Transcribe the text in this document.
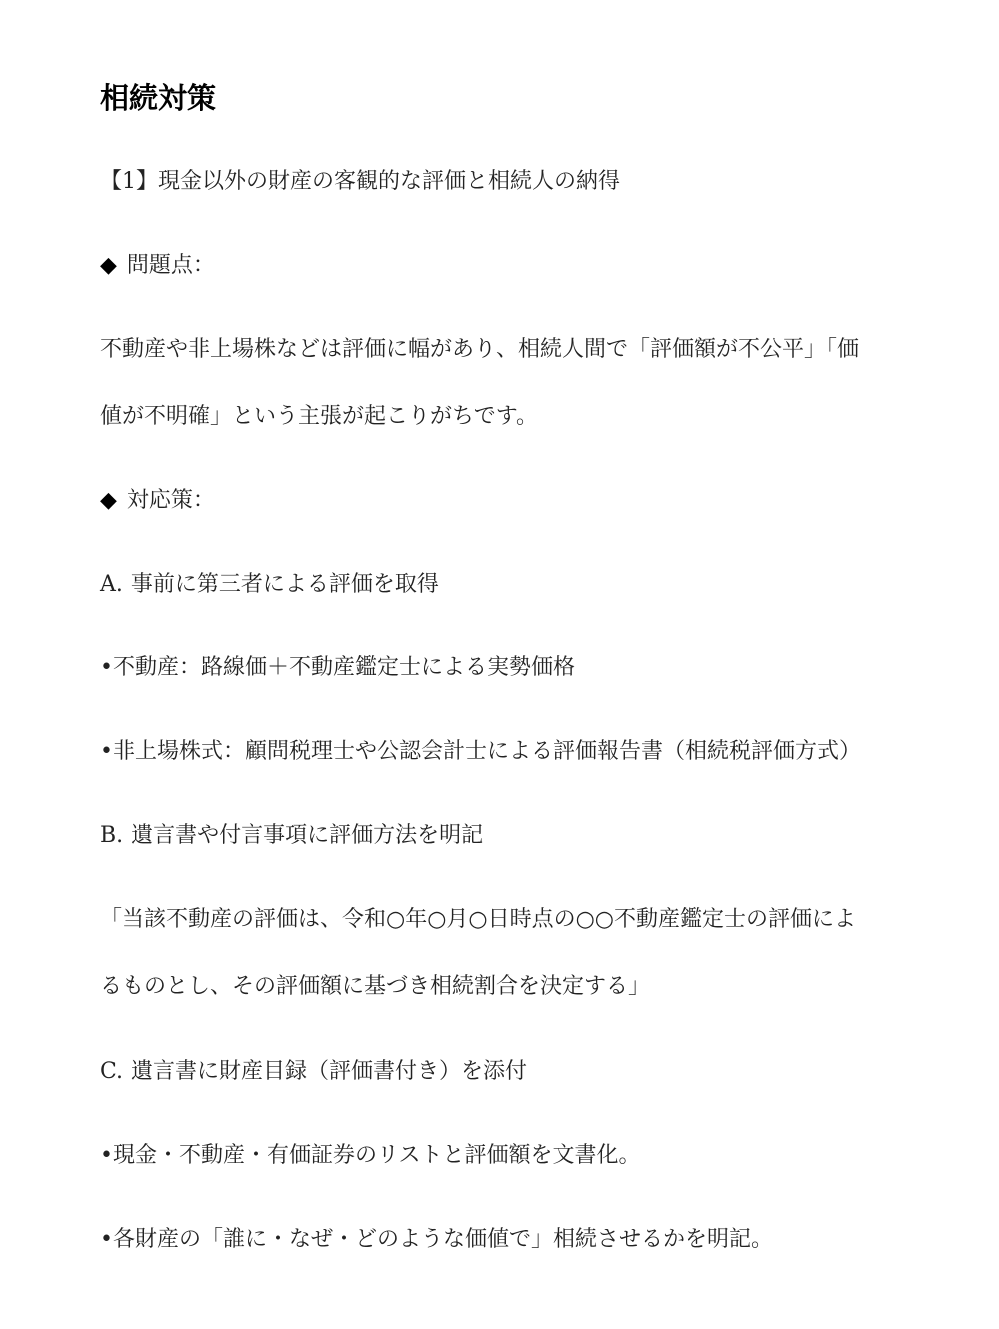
相続対策
【1】現金以外の財産の客観的な評価と相続人の納得
◆ 問題点：
不動産や非上場株などは評価に幅があり、相続人間で「評価額が不公平」「価
値が不明確」という主張が起こりがちです。
◆ 対応策：
A. 事前に第三者による評価を取得
•不動産：路線価＋不動産鑑定士による実勢価格
•非上場株式：顧問税理士や公認会計士による評価報告書（相続税評価方式）
B. 遺言書や付言事項に評価方法を明記
「当該不動産の評価は、令和○年○月○日時点の○○不動産鑑定士の評価によ
るものとし、その評価額に基づき相続割合を決定する」
C. 遺言書に財産目録（評価書付き）を添付
•現金・不動産・有価証券のリストと評価額を文書化。
•各財産の「誰に・なぜ・どのような価値で」相続させるかを明記。
